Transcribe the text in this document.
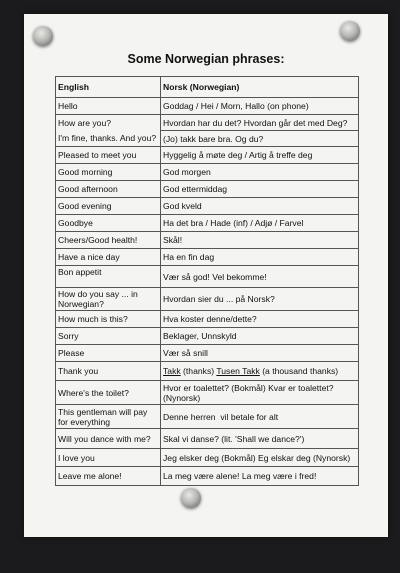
Some Norwegian phrases:
English	Norsk (Norwegian)
Hello	Goddag / Hei / Morn, Hallo (on phone)
How are you?	Hvordan har du det? Hvordan går det med Deg?
I'm fine, thanks. And you?	(Jo) takk bare bra. Og du?
Pleased to meet you	Hyggelig å møte deg / Artig å treffe deg
Good morning	God morgen
Good afternoon	God ettermiddag
Good evening	God kveld
Goodbye	Ha det bra / Hade (inf) / Adjø / Farvel
Cheers/Good health!	Skål!
Have a nice day	Ha en fin dag
Bon appetit	Vær så god! Vel bekomme!
How do you say ... in Norwegian?	Hvordan sier du ... på Norsk?
How much is this?	Hva koster denne/dette?
Sorry	Beklager, Unnskyld
Please	Vær så snill
Thank you	Takk (thanks) Tusen Takk (a thousand thanks)
Where's the toilet?	Hvor er toalettet? (Bokmål) Kvar er toalettet? (Nynorsk)
This gentleman will pay for everything	Denne herren  vil betale for alt
Will you dance with me?	Skal vi danse? (lit. 'Shall we dance?')
I love you	Jeg elsker deg (Bokmål) Eg elskar deg (Nynorsk)
Leave me alone!	La meg være alene! La meg være i fred!
